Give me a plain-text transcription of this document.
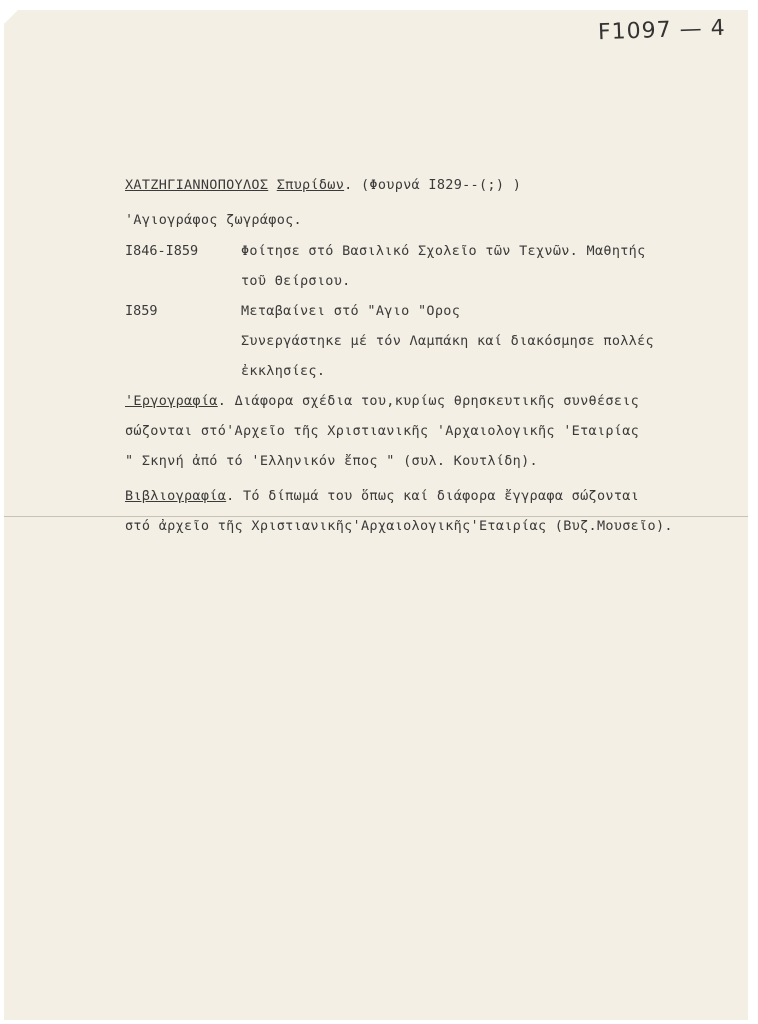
F1097 — 4
ΧΑΤΖΗΓΙΑΝΝΟΠΟΥΛΟΣ Σπυρίδων. (Φουρνά I829--(;) )
'Αγιογράφος ζωγράφος.
I846-I859	Φοίτησε στό Βασιλικό Σχολεῖο τῶν Τεχνῶν. Μαθητής
τοῦ Θείρσιου.
I859	Μεταβαίνει στό "Αγιο "Ορος
Συνεργάστηκε μέ τόν Λαμπάκη καί διακόσμησε πολλές
ἐκκλησίες.
'Εργογραφία. Διάφορα σχέδια του,κυρίως θρησκευτικῆς συνθέσεις
σώζονται στό'Αρχεῖο τῆς Χριστιανικῆς 'Αρχαιολογικῆς 'Εταιρίας
" Σκηνή ἀπό τό 'Ελληνικόν ἔπος " (συλ. Κουτλίδη).
Βιβλιογραφία. Τό δίπωμά του ὅπως καί διάφορα ἔγγραφα σώζονται
στό ἀρχεῖο τῆς Χριστιανικῆς'Αρχαιολογικῆς'Εταιρίας (Βυζ.Μουσεῖο).
